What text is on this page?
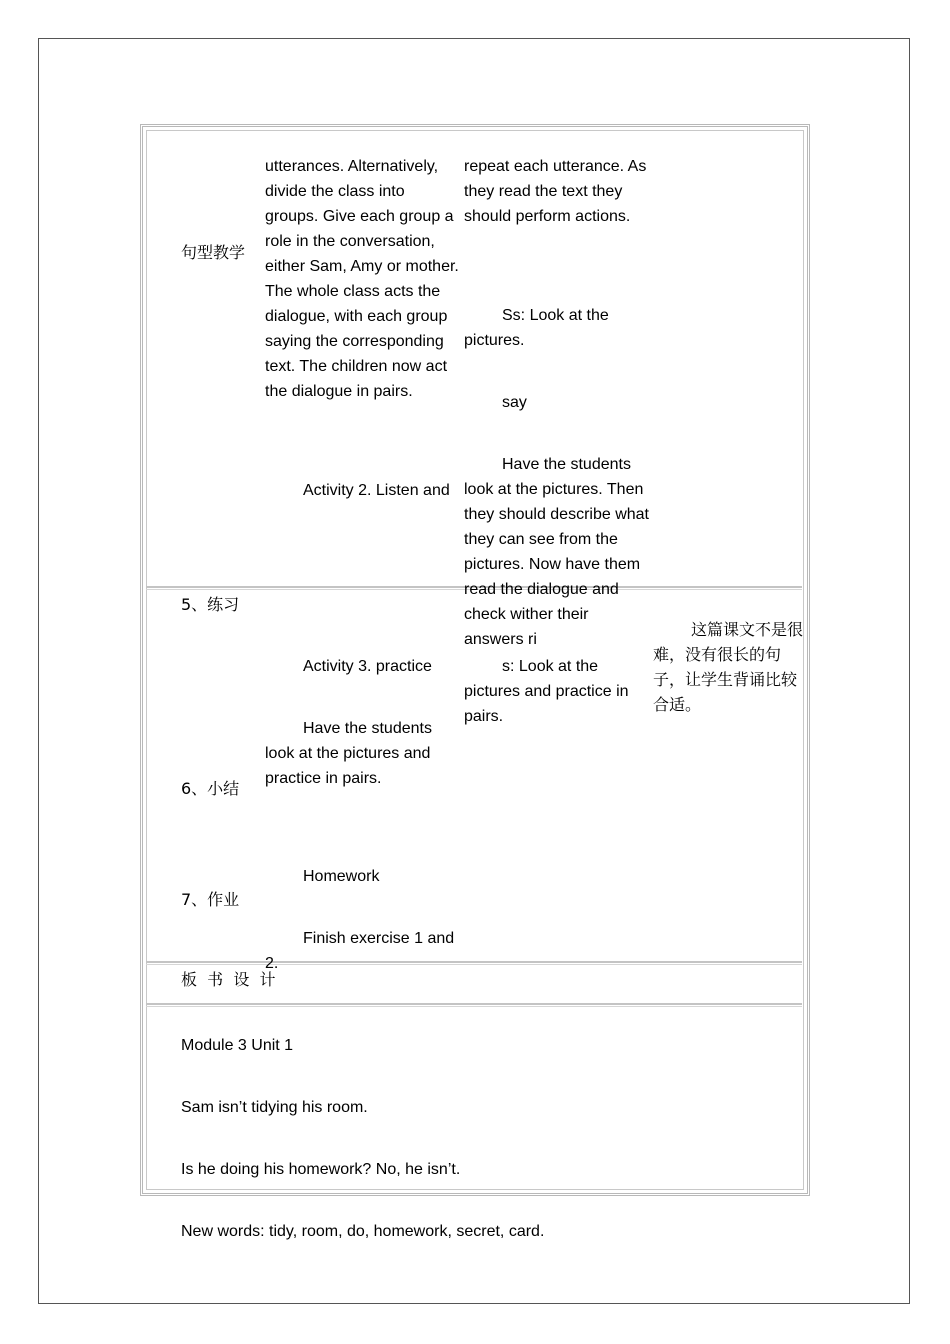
句型教学

utterances. Alternatively, divide the class into groups. Give each group a role in the conversation, either Sam, Amy or mother. The whole class acts the dialogue, with each group saying the corresponding text. The children now act the dialogue in pairs.

Activity 2. Listen and

repeat each utterance. As they read the text they should perform actions.

Ss: Look at the pictures.

say

Have the students look at the pictures. Then they should describe what they can see from the pictures. Now have them read the dialogue and check wither their answers ri

5、练习
6、小结
7、作业

Activity 3. practice

Have the students look at the pictures and practice in pairs.

Homework

Finish exercise 1 and 2.

s: Look at the pictures and practice in pairs.

这篇课文不是很难，没有很长的句子，让学生背诵比较合适。

板  书  设  计

Module 3 Unit 1

Sam isn’t tidying his room.

Is he doing his homework? No, he isn’t.

New words: tidy, room, do, homework, secret, card.
